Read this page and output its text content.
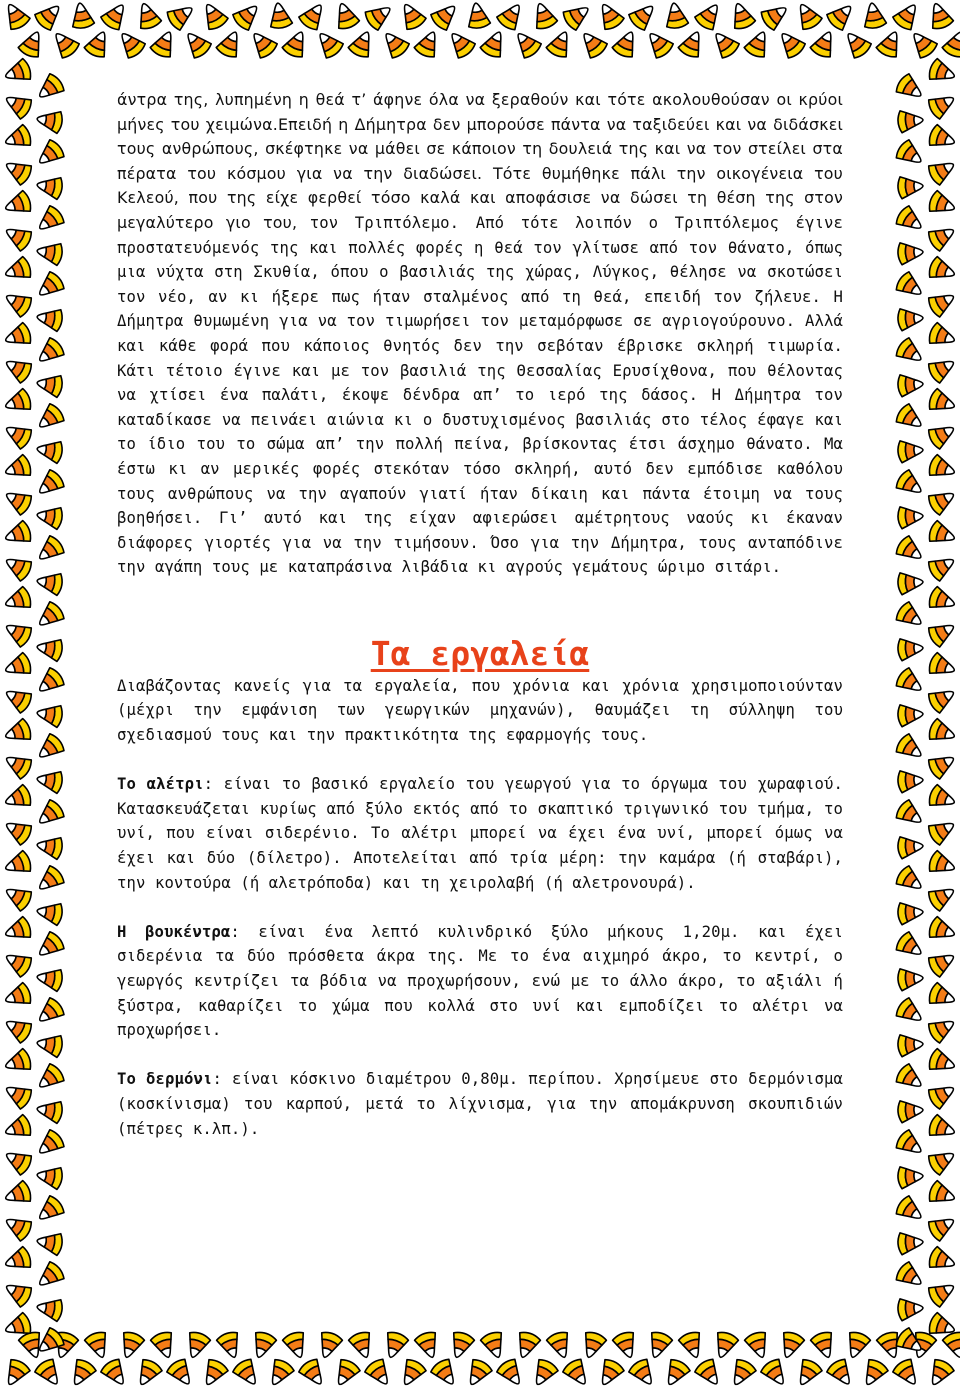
άντρα της, λυπημένη η θεά τ’ άφηνε όλα να ξεραθούν και τότε ακολουθούσαν οι κρύοι μήνες του χειμώνα.Επειδή η Δήμητρα δεν μπορούσε πάντα να ταξιδεύει και να διδάσκει τους ανθρώπους, σκέφτηκε να μάθει σε κάποιον τη δουλειά της και να τον στείλει στα πέρατα του κόσμου για να την διαδώσει. Τότε θυμήθηκε πάλι την οικογένεια του Κελεού, που της είχε φερθεί τόσο καλά και αποφάσισε να δώσει τη θέση της στον μεγαλύτερο γιο του, τον Τριπτόλεμο. Από τότε λοιπόν ο Τριπτόλεμος έγινε προστατευόμενός της και πολλές φορές η θεά τον γλίτωσε από τον θάνατο, όπως μια νύχτα στη Σκυθία, όπου ο βασιλιάς της χώρας, Λύγκος, θέλησε να σκοτώσει τον νέο, αν κι ήξερε πως ήταν σταλμένος από τη θεά, επειδή τον ζήλευε. Η Δήμητρα θυμωμένη για να τον τιμωρήσει τον μεταμόρφωσε σε αγριογούρουνο. Αλλά και κάθε φορά που κάποιος θνητός δεν την σεβόταν έβρισκε σκληρή τιμωρία. Κάτι τέτοιο έγινε και με τον βασιλιά της Θεσσαλίας Ερυσίχθονα, που θέλοντας να χτίσει ένα παλάτι, έκοψε δένδρα απ’ το ιερό της δάσος. Η Δήμητρα τον καταδίκασε να πεινάει αιώνια κι ο δυστυχισμένος βασιλιάς στο τέλος έφαγε και το ίδιο του το σώμα απ’ την πολλή πείνα, βρίσκοντας έτσι άσχημο θάνατο. Μα έστω κι αν μερικές φορές στεκόταν τόσο σκληρή, αυτό δεν εμπόδισε καθόλου τους ανθρώπους να την αγαπούν γιατί ήταν δίκαιη και πάντα έτοιμη να τους βοηθήσει. Γι’ αυτό και της είχαν αφιερώσει αμέτρητους ναούς κι έκαναν διάφορες γιορτές για να την τιμήσουν. Όσο για την Δήμητρα, τους ανταπόδινε την αγάπη τους με καταπράσινα λιβάδια κι αγρούς γεμάτους ώριμο σιτάρι.

Τα εργαλεία

Διαβάζοντας κανείς για τα εργαλεία, που χρόνια και χρόνια χρησιμοποιούνταν (μέχρι την εμφάνιση των γεωργικών μηχανών), θαυμάζει τη σύλληψη του σχεδιασμού τους και την πρακτικότητα της εφαρμογής τους.

Το αλέτρι: είναι το βασικό εργαλείο του γεωργού για το όργωμα του χωραφιού. Κατασκευάζεται κυρίως από ξύλο εκτός από το σκαπτικό τριγωνικό του τμήμα, το υνί, που είναι σιδερένιο. Το αλέτρι μπορεί να έχει ένα υνί, μπορεί όμως να έχει και δύο (δίλετρο). Αποτελείται από τρία μέρη: την καμάρα (ή σταβάρι), την κοντούρα (ή αλετρόποδα) και τη χειρολαβή (ή αλετρονουρά).

Η βουκέντρα: είναι ένα λεπτό κυλινδρικό ξύλο μήκους 1,20μ. και έχει σιδερένια τα δύο πρόσθετα άκρα της. Με το ένα αιχμηρό άκρο, το κεντρί, ο γεωργός κεντρίζει τα βόδια να προχωρήσουν, ενώ με το άλλο άκρο, το αξιάλι ή ξύστρα, καθαρίζει το χώμα που κολλά στο υνί και εμποδίζει το αλέτρι να προχωρήσει.

Το δερμόνι: είναι κόσκινο διαμέτρου 0,80μ. περίπου. Χρησίμευε στο δερμόνισμα (κοσκίνισμα) του καρπού, μετά το λίχνισμα, για την απομάκρυνση σκουπιδιών (πέτρες κ.λπ.).
